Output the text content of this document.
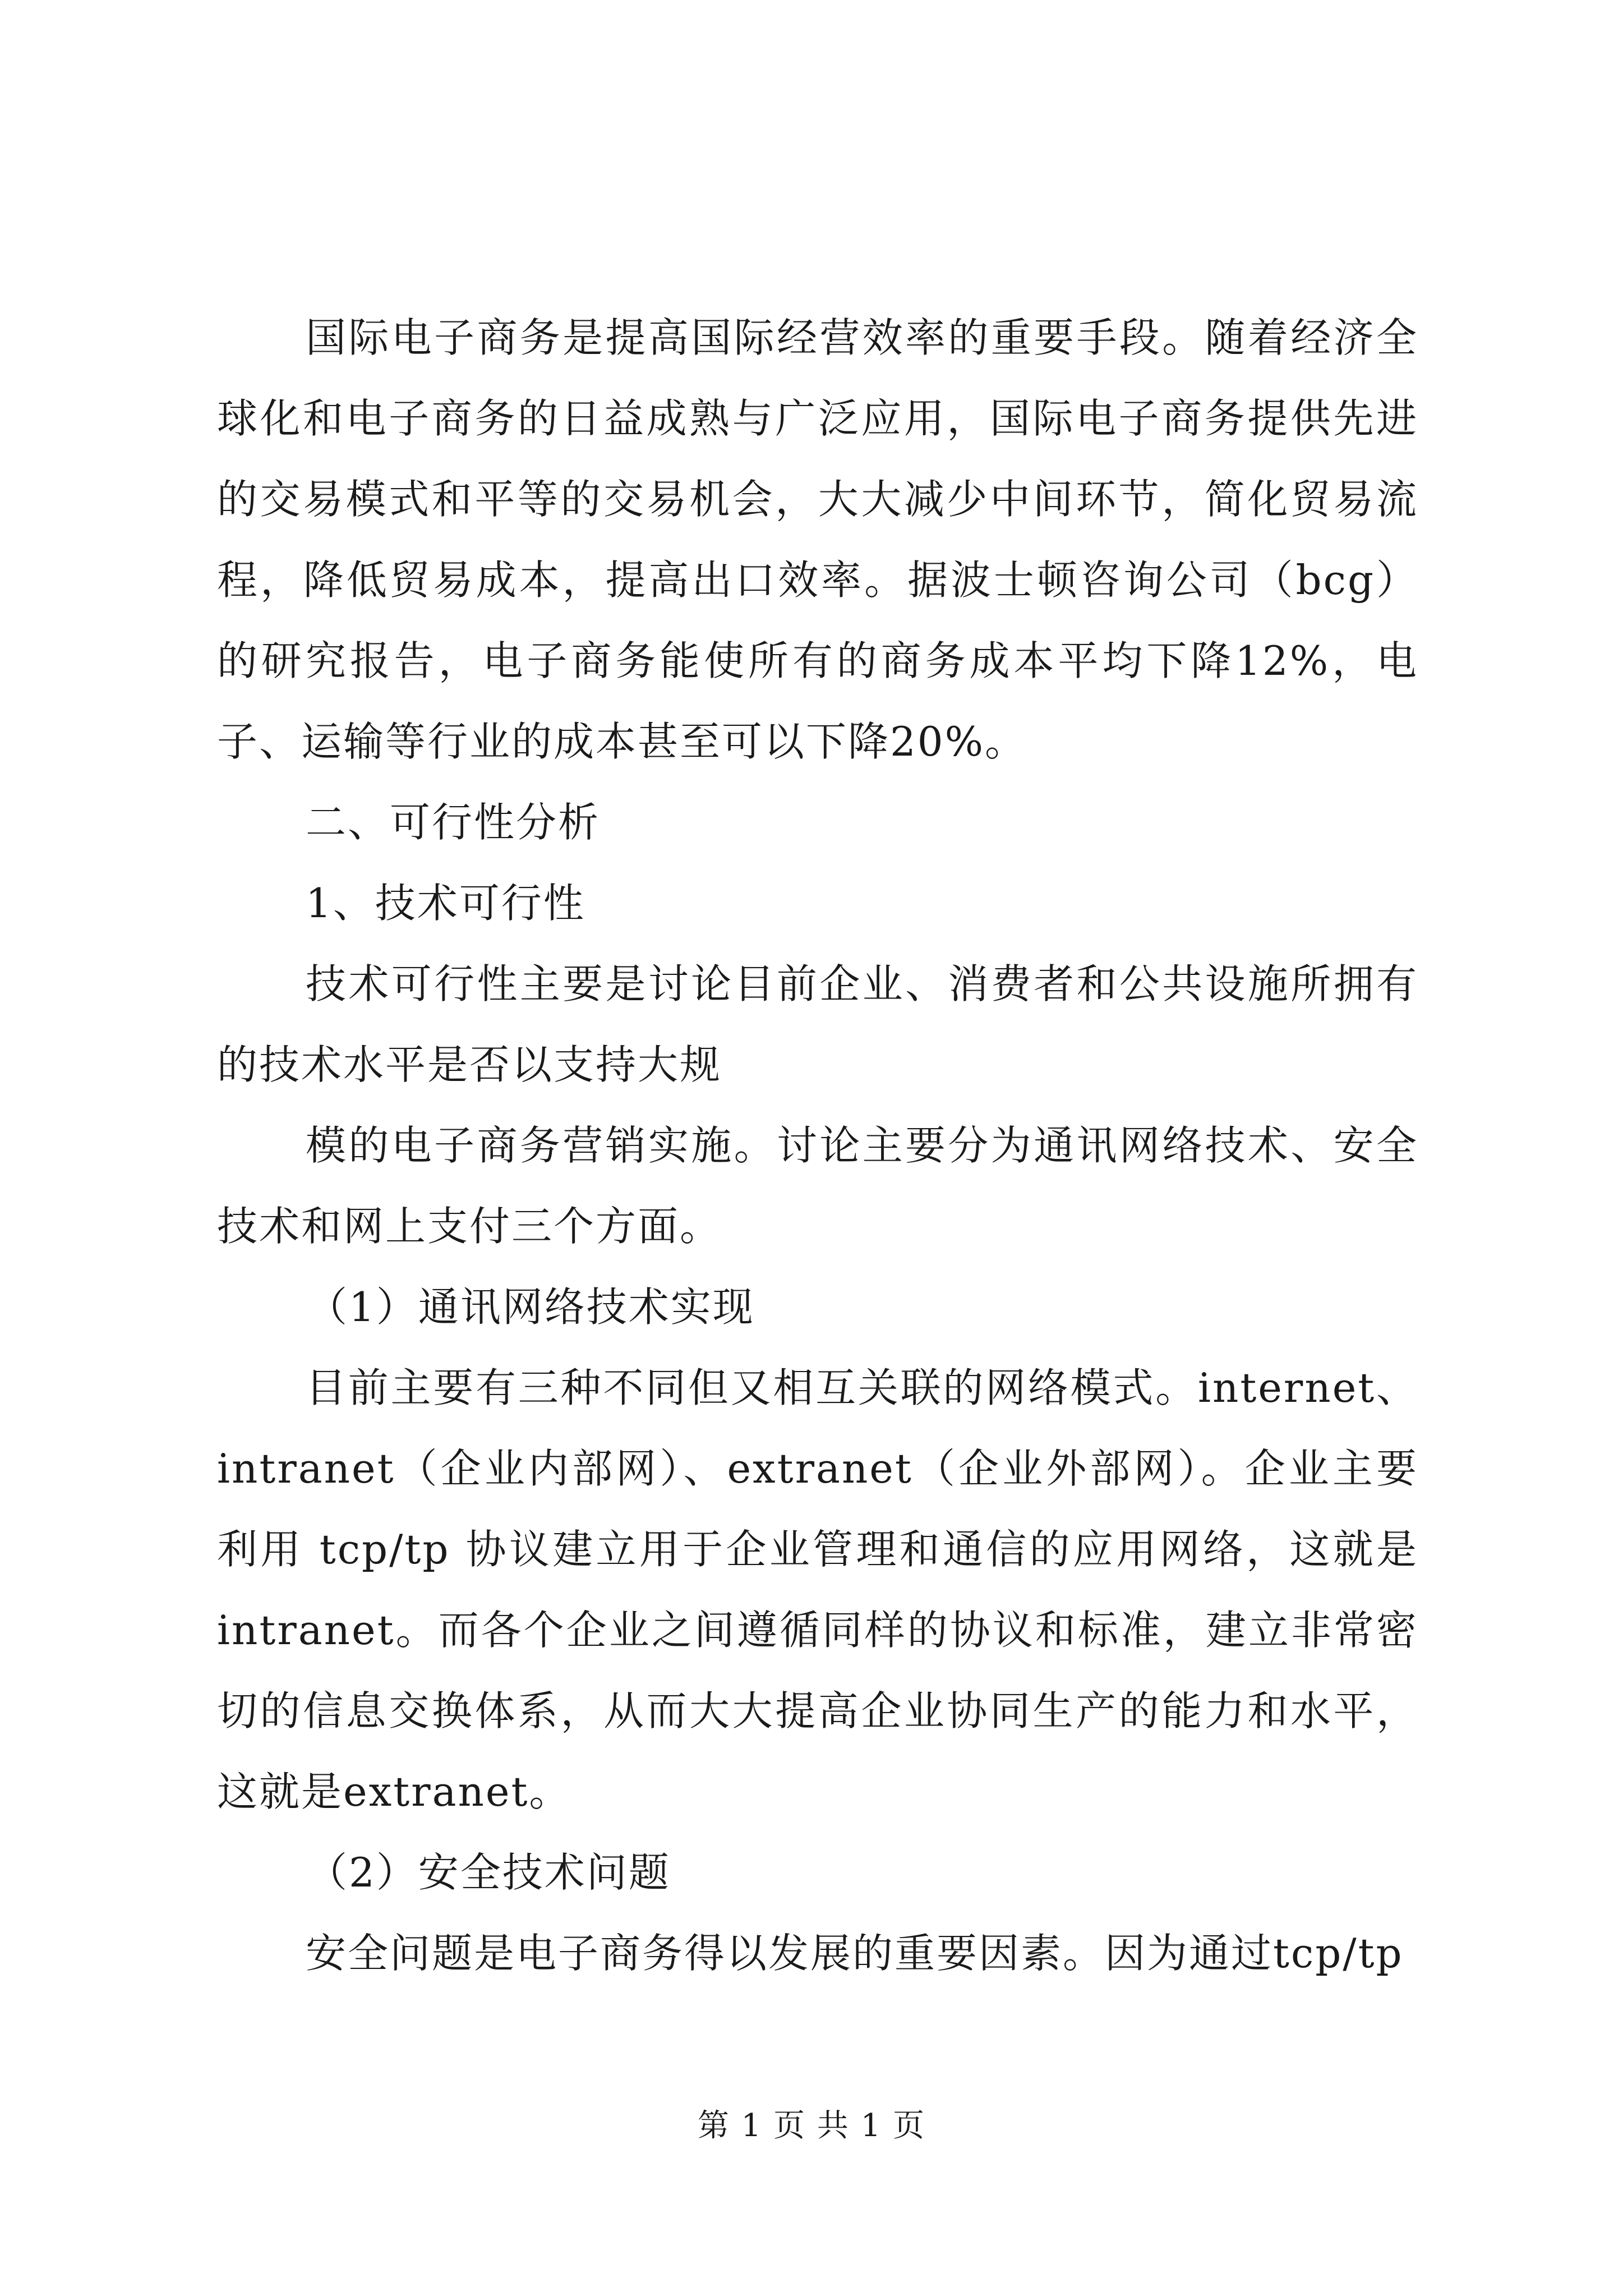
国际电子商务是提高国际经营效率的重要手段。随着经济全球化和电子商务的日益成熟与广泛应用，国际电子商务提供先进的交易模式和平等的交易机会，大大减少中间环节，简化贸易流程，降低贸易成本，提高出口效率。据波士顿咨询公司（bcg）的研究报告，电子商务能使所有的商务成本平均下降12%，电子、运输等行业的成本甚至可以下降20%。

二、可行性分析

1、技术可行性

技术可行性主要是讨论目前企业、消费者和公共设施所拥有的技术水平是否以支持大规

模的电子商务营销实施。讨论主要分为通讯网络技术、安全技术和网上支付三个方面。

（1）通讯网络技术实现

目前主要有三种不同但又相互关联的网络模式。internet、intranet（企业内部网）、extranet（企业外部网）。企业主要利用 tcp/tp 协议建立用于企业管理和通信的应用网络，这就是intranet。而各个企业之间遵循同样的协议和标准，建立非常密切的信息交换体系，从而大大提高企业协同生产的能力和水平，这就是extranet。

（2）安全技术问题

安全问题是电子商务得以发展的重要因素。因为通过tcp/tp

第 1 页 共 1 页
